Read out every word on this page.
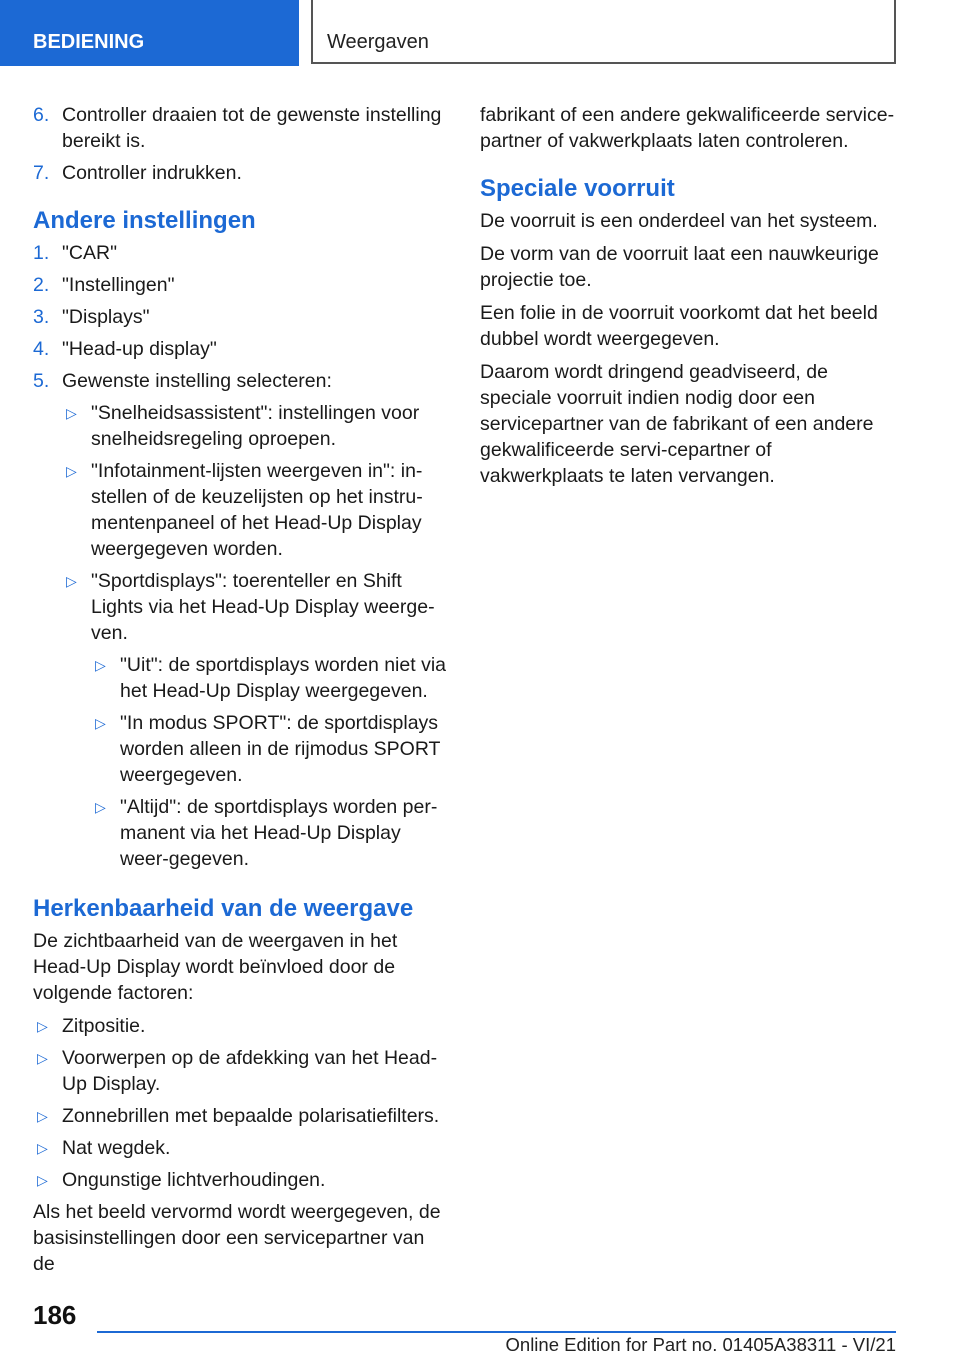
BEDIENING	Weergaven
6. Controller draaien tot de gewenste instelling bereikt is.
7. Controller indrukken.
Andere instellingen
1. "CAR"
2. "Instellingen"
3. "Displays"
4. "Head-up display"
5. Gewenste instelling selecteren:
▷ "Snelheidsassistent": instellingen voor snelheidsregeling oproepen.
▷ "Infotainment-lijsten weergeven in": in-stellen of de keuzelijsten op het instru-mentenpaneel of het Head-Up Display weergegeven worden.
▷ "Sportdisplays": toerenteller en Shift Lights via het Head-Up Display weerge-ven.
▷ "Uit": de sportdisplays worden niet via het Head-Up Display weergegeven.
▷ "In modus SPORT": de sportdisplays worden alleen in de rijmodus SPORT weergegeven.
▷ "Altijd": de sportdisplays worden per-manent via het Head-Up Display weer-gegeven.
Herkenbaarheid van de weergave

De zichtbaarheid van de weergaven in het Head-Up Display wordt beïnvloed door de volgende factoren:

▷ Zitpositie.
▷ Voorwerpen op de afdekking van het Head-Up Display.
▷ Zonnebrillen met bepaalde polarisatiefilters.
▷ Nat wegdek.
▷ Ongunstige lichtverhoudingen.

Als het beeld vervormd wordt weergegeven, de basisinstellingen door een servicepartner van de

fabrikant of een andere gekwalificeerde service-partner of vakwerkplaats laten controleren.

Speciale voorruit

De voorruit is een onderdeel van het systeem.

De vorm van de voorruit laat een nauwkeurige projectie toe.

Een folie in de voorruit voorkomt dat het beeld dubbel wordt weergegeven.

Daarom wordt dringend geadviseerd, de speciale voorruit indien nodig door een servicepartner van de fabrikant of een andere gekwalificeerde servi-cepartner of vakwerkplaats te laten vervangen.

186
Online Edition for Part no. 01405A38311 - VI/21
